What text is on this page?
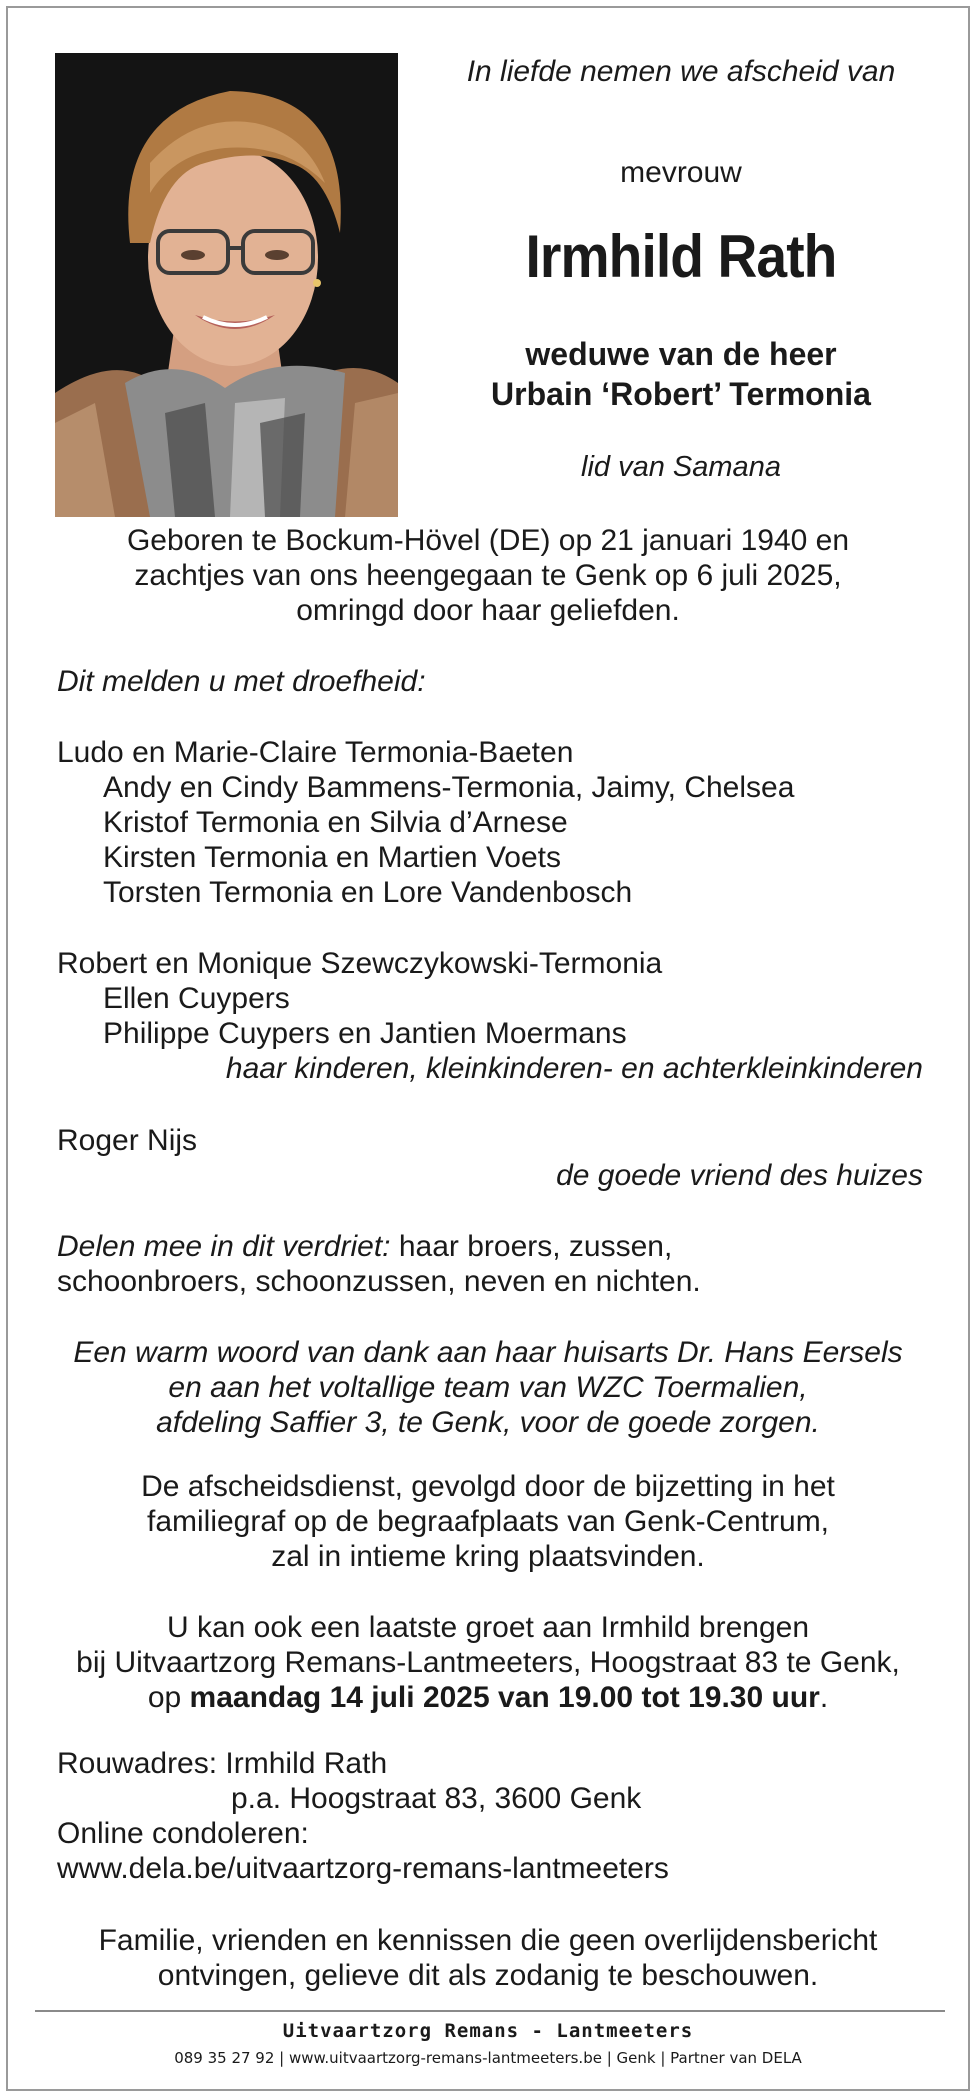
In liefde nemen we afscheid van
mevrouw
Irmhild Rath
weduwe van de heer
Urbain ‘Robert’ Termonia
lid van Samana
Geboren te Bockum-Hövel (DE) op 21 januari 1940 en
zachtjes van ons heengegaan te Genk op 6 juli 2025,
omringd door haar geliefden.
Dit melden u met droefheid:
Ludo en Marie-Claire Termonia-Baeten
Andy en Cindy Bammens-Termonia, Jaimy, Chelsea
Kristof Termonia en Silvia d’Arnese
Kirsten Termonia en Martien Voets
Torsten Termonia en Lore Vandenbosch
Robert en Monique Szewczykowski-Termonia
Ellen Cuypers
Philippe Cuypers en Jantien Moermans
haar kinderen, kleinkinderen- en achterkleinkinderen
Roger Nijs
de goede vriend des huizes
Delen mee in dit verdriet: haar broers, zussen,
schoonbroers, schoonzussen, neven en nichten.
Een warm woord van dank aan haar huisarts Dr. Hans Eersels
en aan het voltallige team van WZC Toermalien,
afdeling Saffier 3, te Genk, voor de goede zorgen.
De afscheidsdienst, gevolgd door de bijzetting in het
familiegraf op de begraafplaats van Genk-Centrum,
zal in intieme kring plaatsvinden.
U kan ook een laatste groet aan Irmhild brengen
bij Uitvaartzorg Remans-Lantmeeters, Hoogstraat 83 te Genk,
op maandag 14 juli 2025 van 19.00 tot 19.30 uur.
Rouwadres: Irmhild Rath
p.a. Hoogstraat 83, 3600 Genk
Online condoleren:
www.dela.be/uitvaartzorg-remans-lantmeeters
Familie, vrienden en kennissen die geen overlijdensbericht
ontvingen, gelieve dit als zodanig te beschouwen.
Uitvaartzorg Remans - Lantmeeters
089 35 27 92 | www.uitvaartzorg-remans-lantmeeters.be | Genk | Partner van DELA
